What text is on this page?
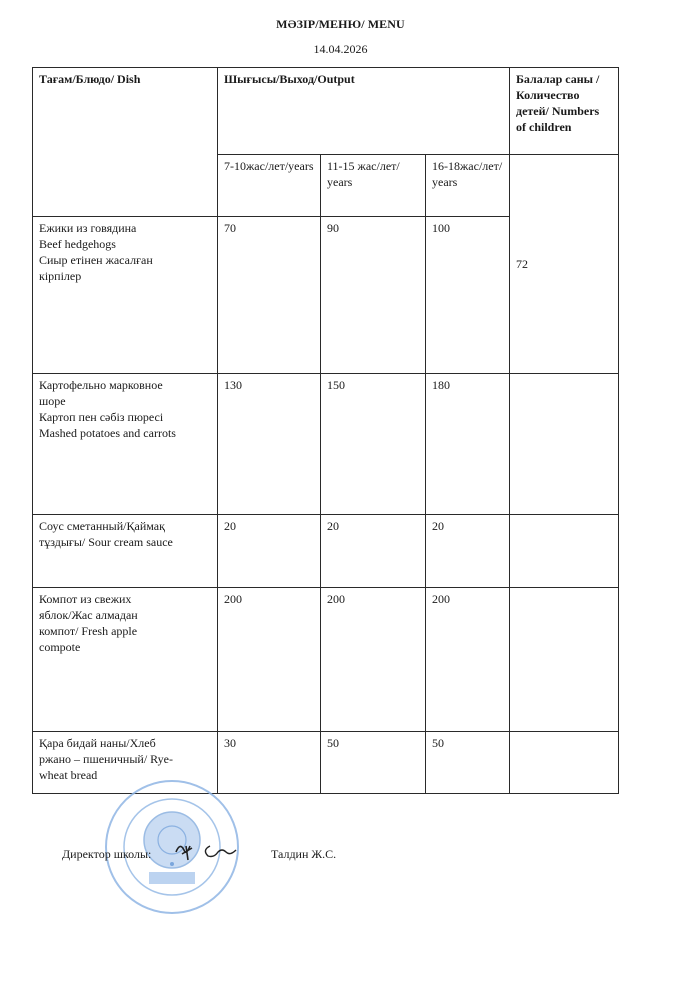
МӘЗІР/МЕНЮ/ MENU
14.04.2026
Тағам/Блюдо/ Dish	Шығысы/Выход/Output			Балалар саны /Количество детей/ Numbers of children
	7-10жас/лет/years	11-15 жас/лет/ years	16-18жас/лет/ years	72

Ежики из говядина
Beef hedgehogs
Сиыр етінен жасалған
кірпілер	70	90	100	

Картофельно марковное
шоре
Картоп пен сәбіз пюресі
Mashed potatoes and carrots	130	150	180	

Соус сметанный/Қаймақ
тұздығы/ Sour cream sauce	20	20	20	

Компот из свежих
яблок/Жас алмадан
компот/ Fresh apple
compote	200	200	200	

Қара бидай наны/Хлеб
ржано – пшеничный/ Rye-
wheat bread	30	50	50	
Директор школы:	Талдин Ж.С.
